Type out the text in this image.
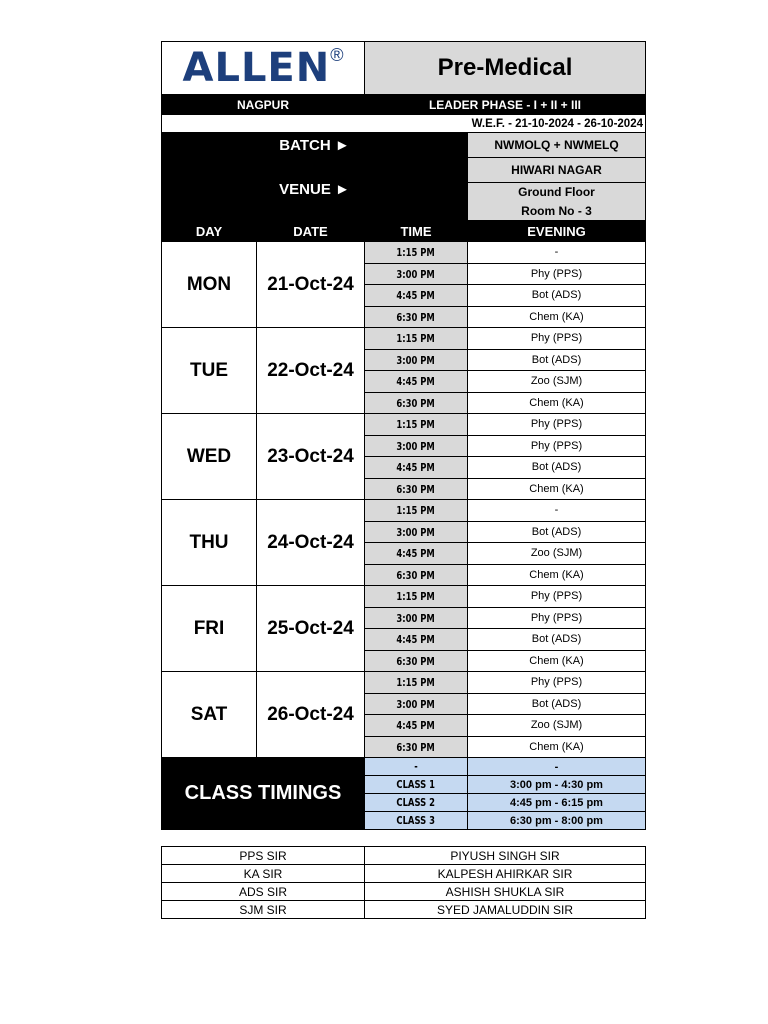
ALLEN®		Pre-Medical	
NAGPUR		LEADER PHASE - I + II + III	
W.E.F. - 21-10-2024 - 26-10-2024			
BATCH ►			NWMOLQ + NWMELQ
VENUE ►			HIWARI NAGAR
			Ground Floor
			Room No - 3
DAY	DATE	TIME	EVENING
MON	21-Oct-24	1:15 PM	-
		3:00 PM	Phy (PPS)
		4:45 PM	Bot (ADS)
		6:30 PM	Chem (KA)
TUE	22-Oct-24	1:15 PM	Phy (PPS)
		3:00 PM	Bot (ADS)
		4:45 PM	Zoo (SJM)
		6:30 PM	Chem (KA)
WED	23-Oct-24	1:15 PM	Phy (PPS)
		3:00 PM	Phy (PPS)
		4:45 PM	Bot (ADS)
		6:30 PM	Chem (KA)
THU	24-Oct-24	1:15 PM	-
		3:00 PM	Bot (ADS)
		4:45 PM	Zoo (SJM)
		6:30 PM	Chem (KA)
FRI	25-Oct-24	1:15 PM	Phy (PPS)
		3:00 PM	Phy (PPS)
		4:45 PM	Bot (ADS)
		6:30 PM	Chem (KA)
SAT	26-Oct-24	1:15 PM	Phy (PPS)
		3:00 PM	Bot (ADS)
		4:45 PM	Zoo (SJM)
		6:30 PM	Chem (KA)
CLASS TIMINGS		-	-
		CLASS 1	3:00 pm - 4:30 pm
		CLASS 2	4:45 pm - 6:15 pm
		CLASS 3	6:30 pm - 8:00 pm
PPS SIR	PIYUSH SINGH SIR
KA SIR	KALPESH AHIRKAR SIR
ADS SIR	ASHISH SHUKLA SIR
SJM SIR	SYED JAMALUDDIN SIR
